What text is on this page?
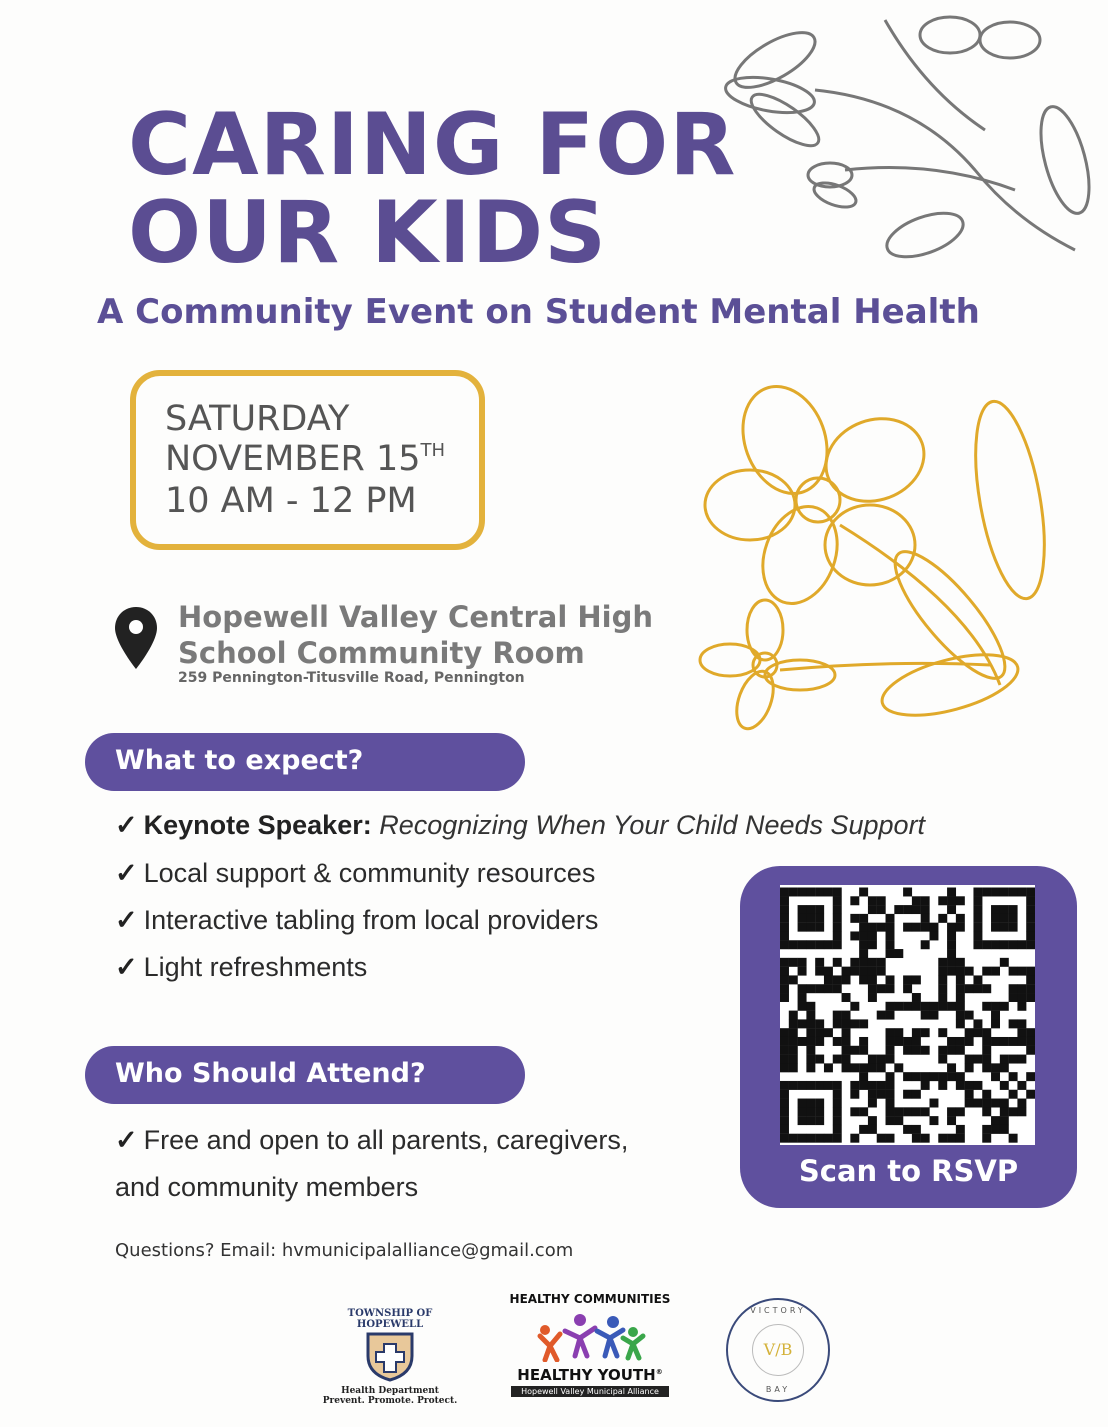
CARING FOR
OUR KIDS
A Community Event on Student Mental Health
SATURDAY
NOVEMBER 15TH
10 AM - 12 PM
Hopewell Valley Central High
School Community Room
259 Pennington-Titusville Road, Pennington
What to expect?
✓ Keynote Speaker: Recognizing When Your Child Needs Support
✓ Local support & community resources
✓ Interactive tabling from local providers
✓ Light refreshments
Who Should Attend?
✓ Free and open to all parents, caregivers,
and community members	Scan to RSVP
Questions? Email: hvmunicipalalliance@gmail.com
TOWNSHIP OF HOPEWELL
Health Department
Prevent. Promote. Protect.
HEALTHY COMMUNITIES
HEALTHY YOUTH®
Hopewell Valley Municipal Alliance
VICTORY
V/B
BAY
